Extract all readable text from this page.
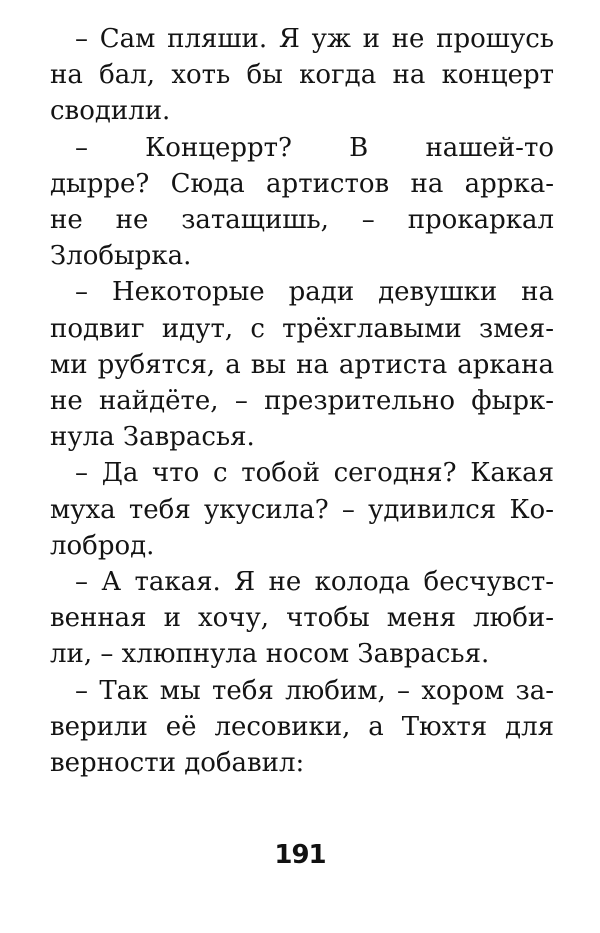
– Сам пляши. Я уж и не прошусь
на бал, хоть бы когда на концерт
сводили.
– Концеррт? В нашей-то
дырре? Сюда артистов на аррка-
не не затащишь, – прокаркал
Злобырка.
– Некоторые ради девушки на
подвиг идут, с трёхглавыми змея-
ми рубятся, а вы на артиста аркана
не найдёте, – презрительно фырк-
нула Заврасья.
– Да что с тобой сегодня? Какая
муха тебя укусила? – удивился Ко-
лоброд.
– А такая. Я не колода бесчувст-
венная и хочу, чтобы меня люби-
ли, – хлюпнула носом Заврасья.
– Так мы тебя любим, – хором за-
верили её лесовики, а Тюхтя для
верности добавил:
191
